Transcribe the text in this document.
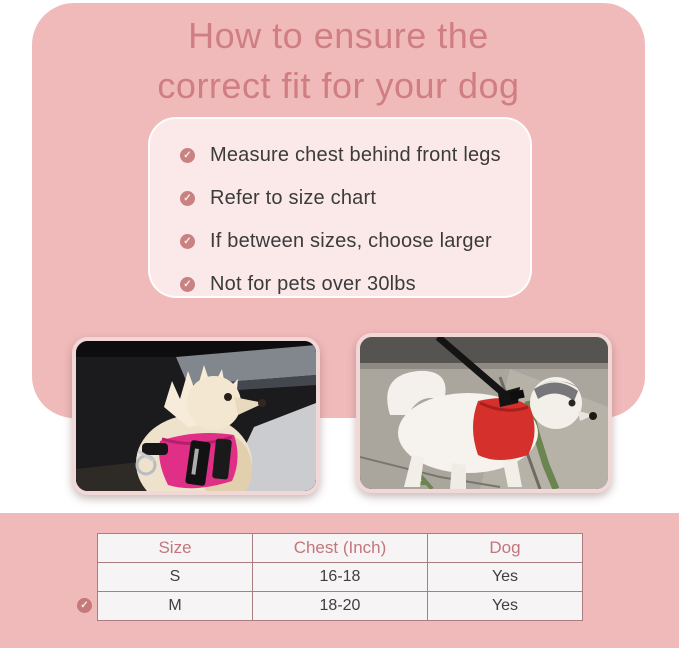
How to ensure the
correct fit for your dog
✓ Measure chest behind front legs
✓ Refer to size chart
✓ If between sizes, choose larger
✓ Not for pets over 30lbs
Size	Chest (Inch)	Dog
S	16-18	Yes
M	18-20	Yes
✓
